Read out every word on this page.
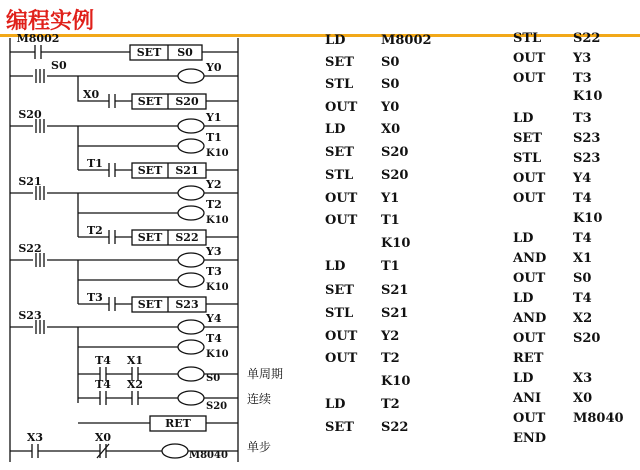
编程实例
M8002
SET S0
S0	Y0
X0
SET S20
S20	Y1
T1
K10
T1
SET S21
S21	Y2
T2
K10
T2
SET S22
S22	Y3
T3
K10
T3
SET S23
S23	Y4
T4
K10
T4 X1
S0 单周期
T4 X2
S20
连续
RET
X3	X0
M8040
单步
LD	M8002
SET S0
STL S0
OUT Y0
LD	X0
SET S20
STL S20
OUT Y1
OUT T1
K10
LD	T1
SET S21
STL S21
OUT Y2
OUT T2
K10
LD	T2
SET S22
STL S22
OUT Y3
OUT T3
K10
LD	T3
SET S23
STL S23
OUT Y4
OUT T4
K10
LD	T4
AND X1
OUT S0
LD	T4
AND X2
OUT S20
RET
LD	X3
ANI X0
OUT M8040
END
